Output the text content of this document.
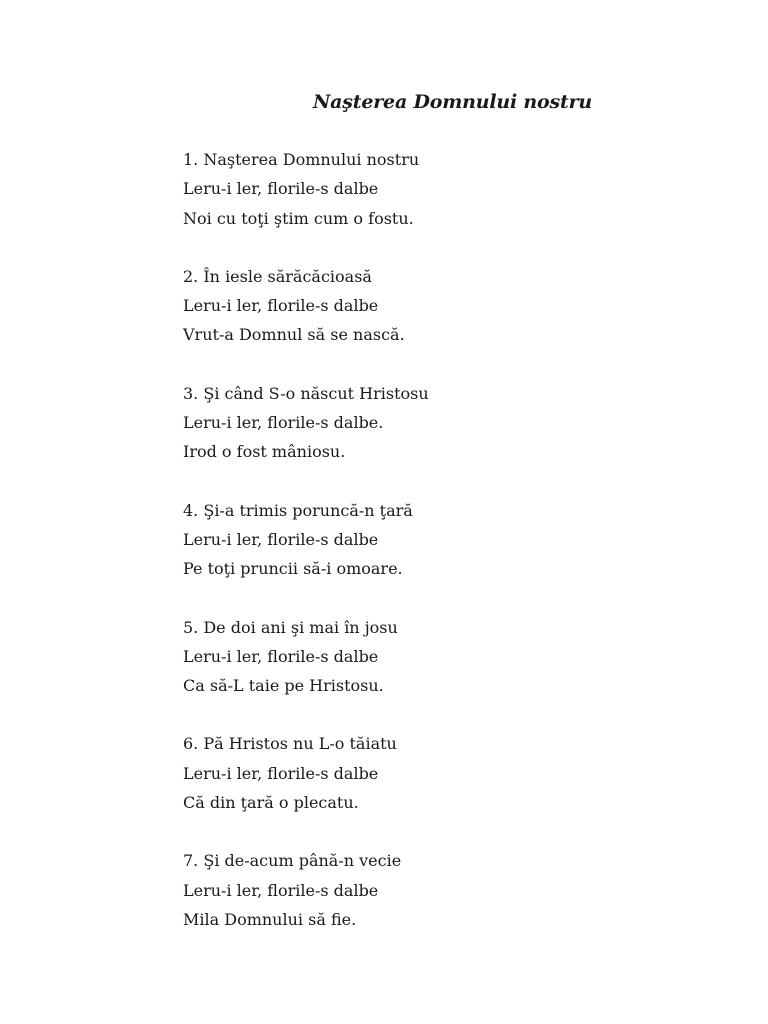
Naşterea Domnului nostru
1. Naşterea Domnului nostru
Leru-i ler, florile-s dalbe
Noi cu toţi ştim cum o fostu.
2. În iesle sărăcăcioasă
Leru-i ler, florile-s dalbe
Vrut-a Domnul să se nască.
3. Şi când S-o născut Hristosu
Leru-i ler, florile-s dalbe.
Irod o fost mâniosu.
4. Şi-a trimis poruncă-n ţară
Leru-i ler, florile-s dalbe
Pe toţi pruncii să-i omoare.
5. De doi ani şi mai în josu
Leru-i ler, florile-s dalbe
Ca să-L taie pe Hristosu.
6. Pă Hristos nu L-o tăiatu
Leru-i ler, florile-s dalbe
Că din ţară o plecatu.
7. Şi de-acum până-n vecie
Leru-i ler, florile-s dalbe
Mila Domnului să fie.
